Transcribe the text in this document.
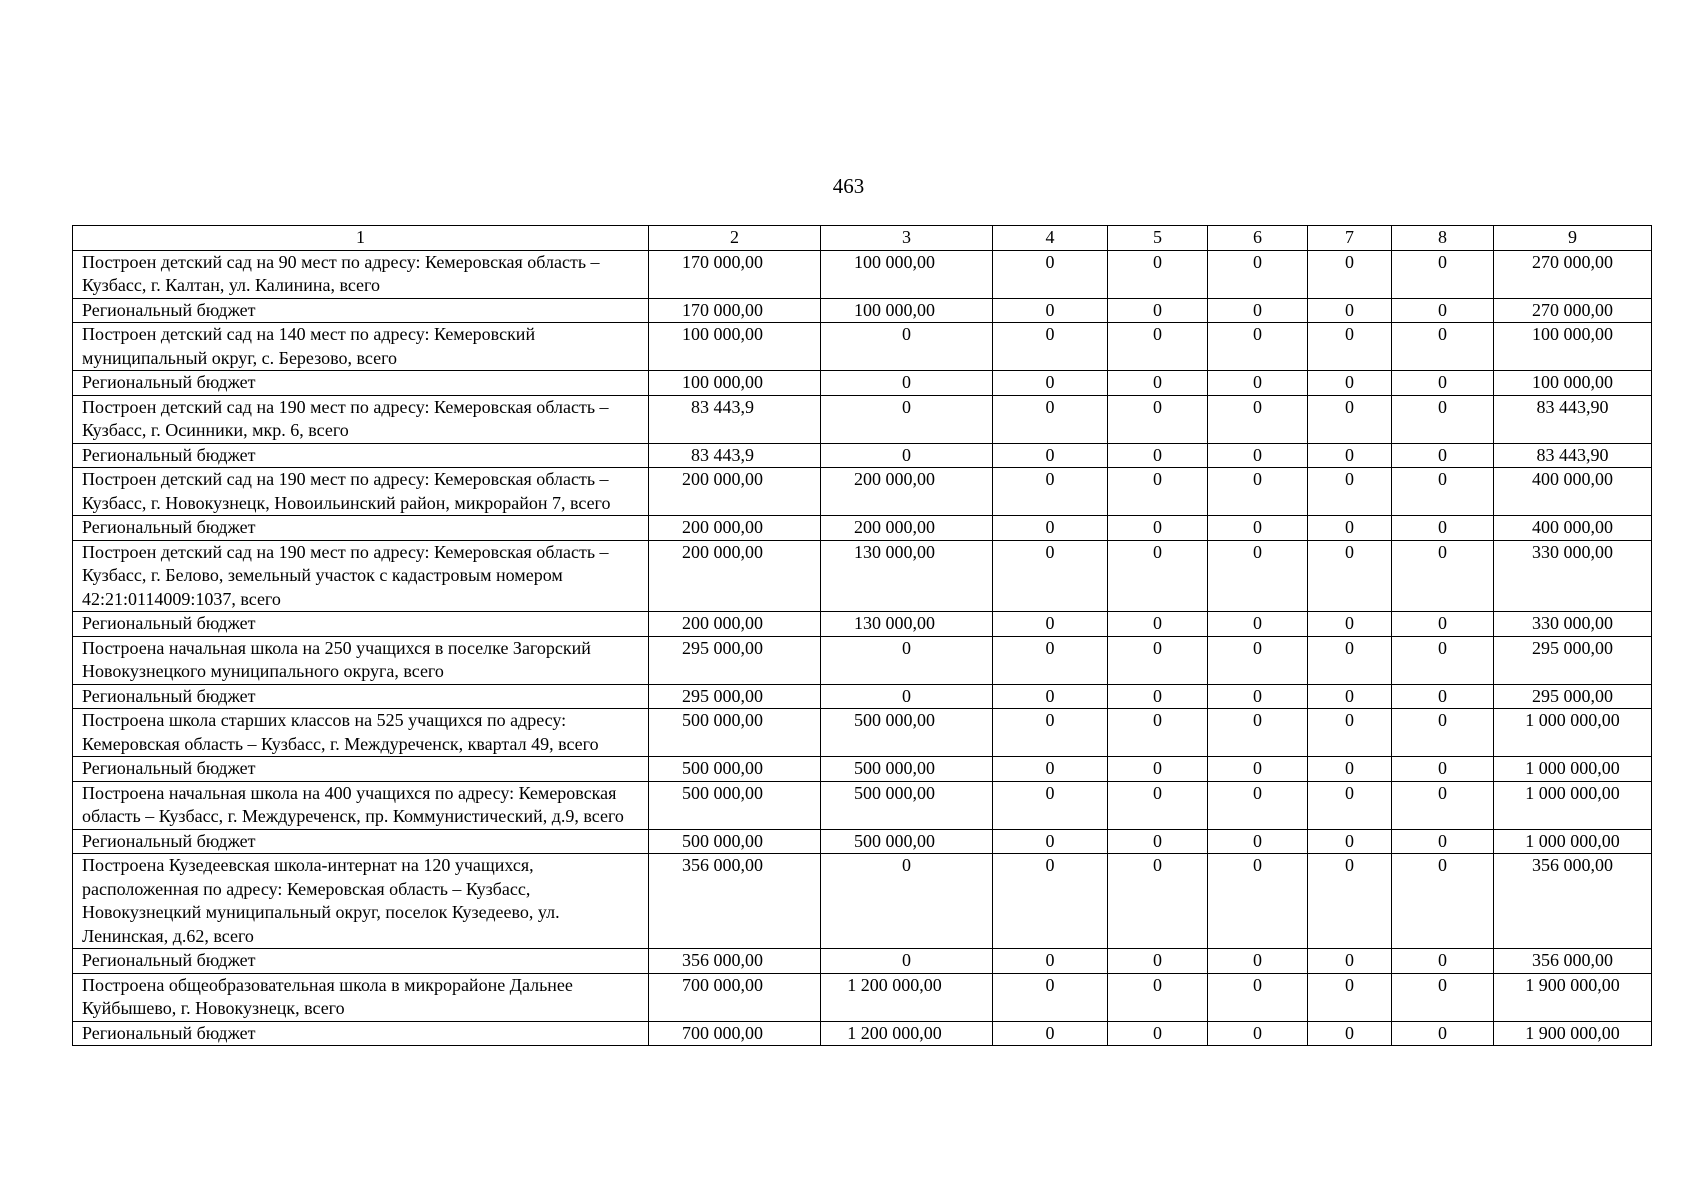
463
1	2	3	4	5	6	7	8	9
Построен детский сад на 90 мест по адресу: Кемеровская область – Кузбасс, г. Калтан, ул. Калинина, всего	170 000,00	100 000,00	0	0	0	0	0	270 000,00
Региональный бюджет	170 000,00	100 000,00	0	0	0	0	0	270 000,00
Построен детский сад на 140 мест по адресу: Кемеровский муниципальный округ, с. Березово, всего	100 000,00	0	0	0	0	0	0	100 000,00
Региональный бюджет	100 000,00	0	0	0	0	0	0	100 000,00
Построен детский сад на 190 мест по адресу: Кемеровская область – Кузбасс, г. Осинники, мкр. 6, всего	83 443,9	0	0	0	0	0	0	83 443,90
Региональный бюджет	83 443,9	0	0	0	0	0	0	83 443,90
Построен детский сад на 190 мест по адресу: Кемеровская область – Кузбасс, г. Новокузнецк, Новоильинский район, микрорайон 7, всего	200 000,00	200 000,00	0	0	0	0	0	400 000,00
Региональный бюджет	200 000,00	200 000,00	0	0	0	0	0	400 000,00
Построен детский сад на 190 мест по адресу: Кемеровская область – Кузбасс, г. Белово, земельный участок с кадастровым номером 42:21:0114009:1037, всего	200 000,00	130 000,00	0	0	0	0	0	330 000,00
Региональный бюджет	200 000,00	130 000,00	0	0	0	0	0	330 000,00
Построена начальная школа на 250 учащихся в поселке Загорский Новокузнецкого муниципального округа, всего	295 000,00	0	0	0	0	0	0	295 000,00
Региональный бюджет	295 000,00	0	0	0	0	0	0	295 000,00
Построена школа старших классов на 525 учащихся по адресу: Кемеровская область – Кузбасс, г. Междуреченск, квартал 49, всего	500 000,00	500 000,00	0	0	0	0	0	1 000 000,00
Региональный бюджет	500 000,00	500 000,00	0	0	0	0	0	1 000 000,00
Построена начальная школа на 400 учащихся по адресу: Кемеровская область – Кузбасс, г. Междуреченск, пр. Коммунистический, д.9, всего	500 000,00	500 000,00	0	0	0	0	0	1 000 000,00
Региональный бюджет	500 000,00	500 000,00	0	0	0	0	0	1 000 000,00
Построена Кузедеевская школа-интернат на 120 учащихся, расположенная по адресу: Кемеровская область – Кузбасс, Новокузнецкий муниципальный округ, поселок Кузедеево, ул. Ленинская, д.62, всего	356 000,00	0	0	0	0	0	0	356 000,00
Региональный бюджет	356 000,00	0	0	0	0	0	0	356 000,00
Построена общеобразовательная школа в микрорайоне Дальнее Куйбышево, г. Новокузнецк, всего	700 000,00	1 200 000,00	0	0	0	0	0	1 900 000,00
Региональный бюджет	700 000,00	1 200 000,00	0	0	0	0	0	1 900 000,00
